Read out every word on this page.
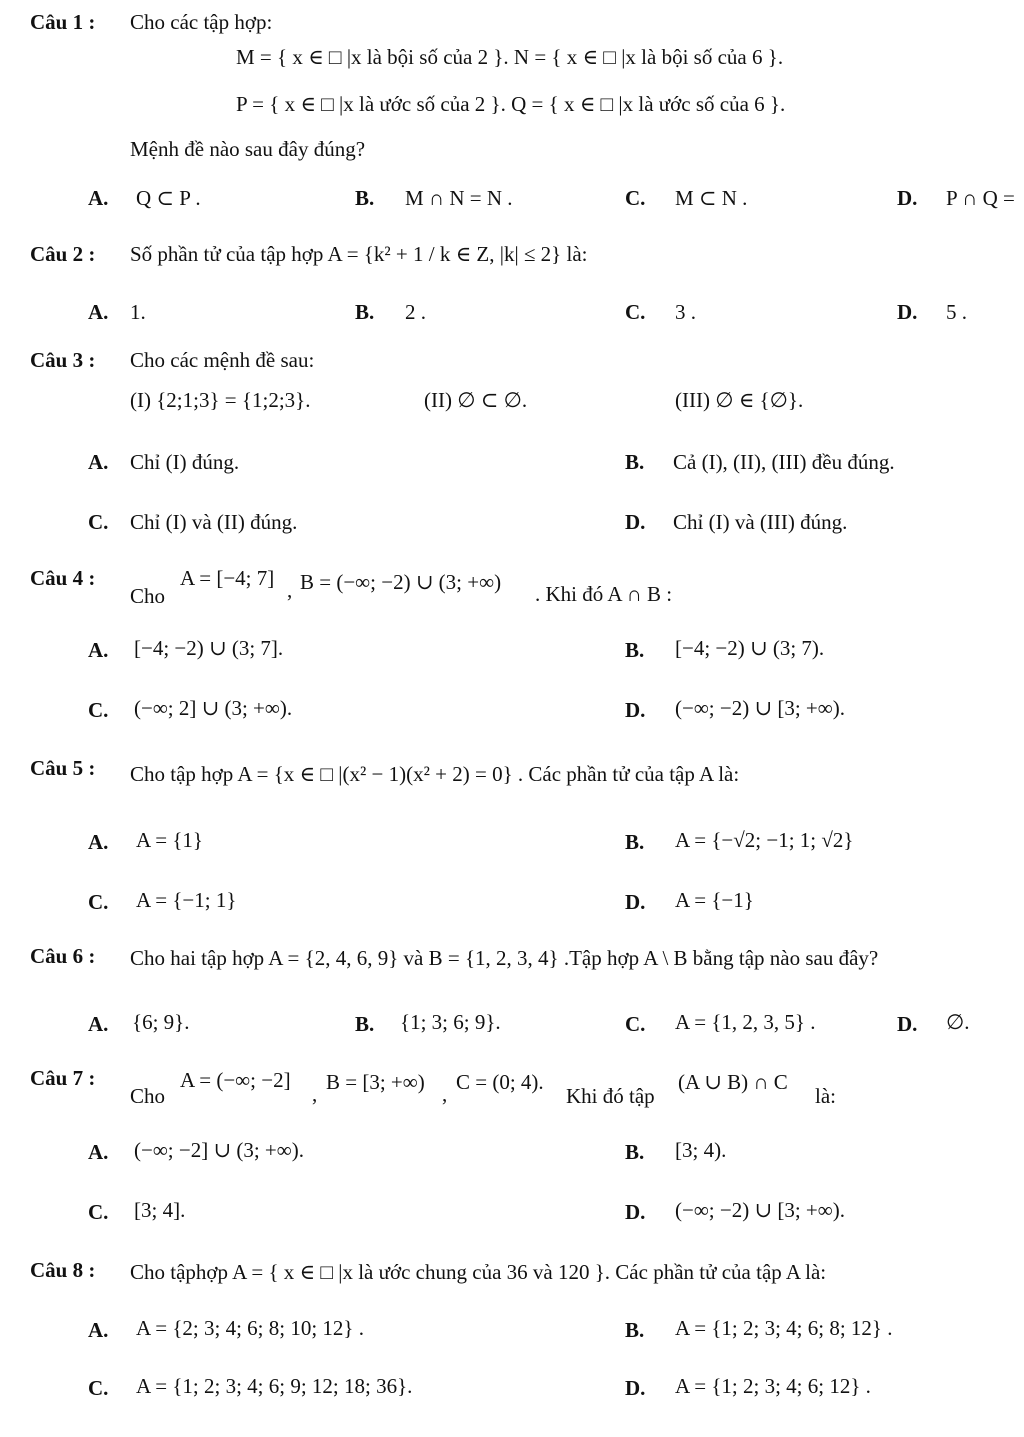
Câu 1 : Cho các tập hợp:
M = { x ∈ □ |x là bội số của 2 }. N = { x ∈ □ |x là bội số của 6 }.
P = { x ∈ □ |x là ước số của 2 }. Q = { x ∈ □ |x là ước số của 6 }.
Mệnh đề nào sau đây đúng?
A. Q ⊂ P .	B. M ∩ N = N .	C. M ⊂ N .	D. P ∩ Q =
Câu 2 : Số phần tử của tập hợp A = {k² + 1 / k ∈ Z, |k| ≤ 2} là:
A. 1.	B. 2 .	C. 3 .	D. 5 .
Câu 3 : Cho các mệnh đề sau:
(I) {2;1;3} = {1;2;3}.	(II) ∅ ⊂ ∅.	(III) ∅ ∈ {∅}.
A. Chỉ (I) đúng.	B. Cả (I), (II), (III) đều đúng.
C. Chỉ (I) và (II) đúng.	D. Chỉ (I) và (III) đúng.
Câu 4 :
Cho
A = [−4; 7] , B = (−∞; −2) ∪ (3; +∞) . Khi đó A ∩ B :
A. [−4; −2) ∪ (3; 7].	B. [−4; −2) ∪ (3; 7).
C. (−∞; 2] ∪ (3; +∞).	D. (−∞; −2) ∪ [3; +∞).
Câu 5 : Cho tập hợp A = {x ∈ □ |(x² − 1)(x² + 2) = 0} . Các phần tử của tập A là:
A. A = {1}	B. A = {−√2; −1; 1; √2}
C. A = {−1; 1}	D. A = {−1}
Câu 6 : Cho hai tập hợp A = {2, 4, 6, 9} và B = {1, 2, 3, 4} .Tập hợp A \ B bằng tập nào sau đây?
A. {6; 9}.	B. {1; 3; 6; 9}.	C. A = {1, 2, 3, 5} .	D. ∅.
Câu 7 :
Cho
A = (−∞; −2]
, B = [3; +∞) , C = (0; 4).
Khi đó tập
(A ∪ B) ∩ C
là:
A. (−∞; −2] ∪ (3; +∞).	B. [3; 4).
C. [3; 4].	D. (−∞; −2) ∪ [3; +∞).
Câu 8 : Cho tậphợp A = { x ∈ □ |x là ước chung của 36 và 120 }. Các phần tử của tập A là:
A. A = {2; 3; 4; 6; 8; 10; 12} .	B. A = {1; 2; 3; 4; 6; 8; 12} .
C. A = {1; 2; 3; 4; 6; 9; 12; 18; 36}.	D. A = {1; 2; 3; 4; 6; 12} .
